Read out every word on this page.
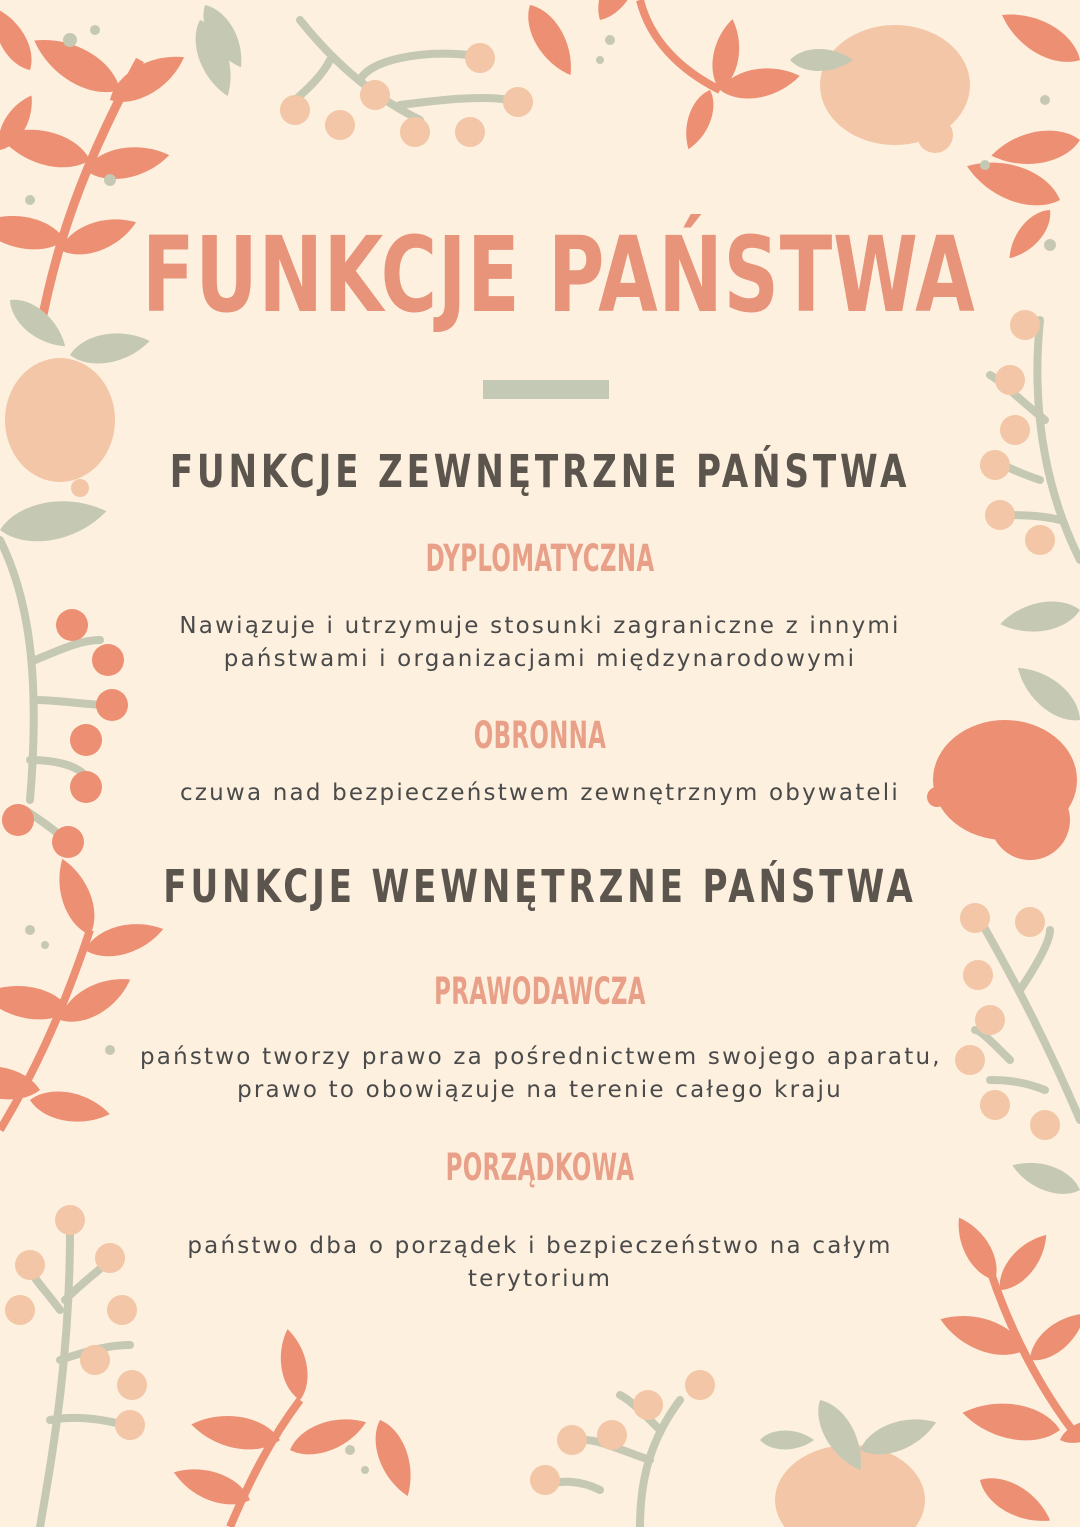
FUNKCJE PAŃSTWA
FUNKCJE ZEWNĘTRZNE PAŃSTWA
DYPLOMATYCZNA
Nawiązuje i utrzymuje stosunki zagraniczne z innymi
państwami i organizacjami międzynarodowymi
OBRONNA
czuwa nad bezpieczeństwem zewnętrznym obywateli
FUNKCJE WEWNĘTRZNE PAŃSTWA
PRAWODAWCZA
państwo tworzy prawo za pośrednictwem swojego aparatu,
prawo to obowiązuje na terenie całego kraju
PORZĄDKOWA
państwo dba o porządek i bezpieczeństwo na całym
terytorium
